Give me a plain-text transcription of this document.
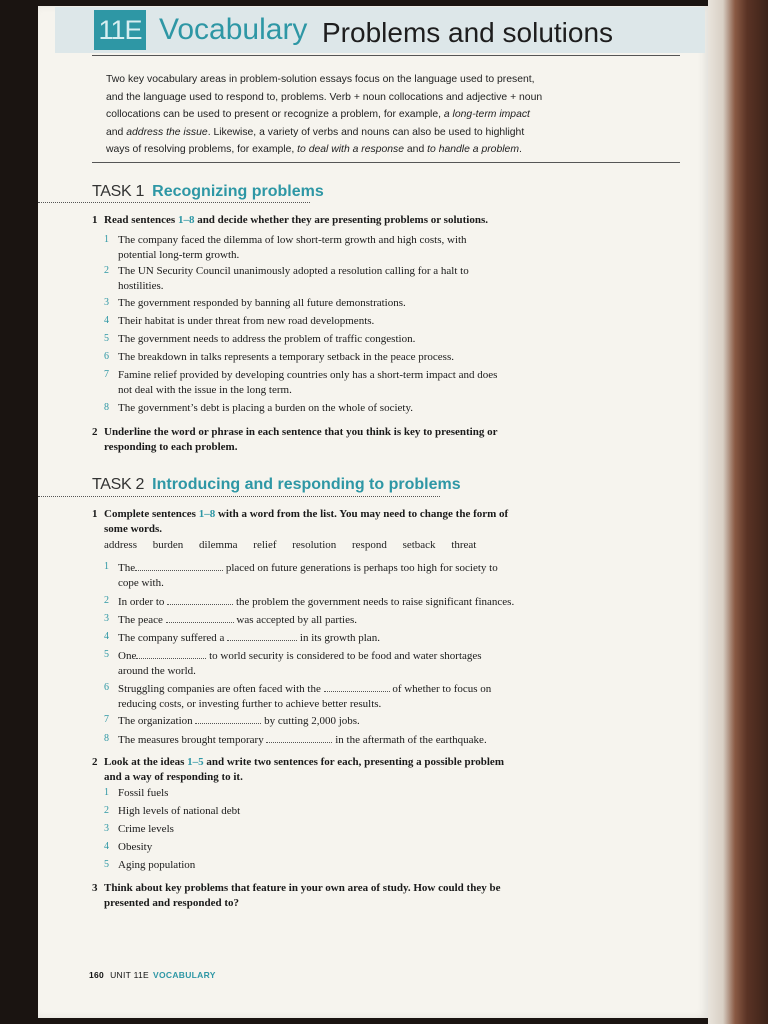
11E Vocabulary Problems and solutions
Two key vocabulary areas in problem-solution essays focus on the language used to present,
and the language used to respond to, problems. Verb + noun collocations and adjective + noun
collocations can be used to present or recognize a problem, for example, a long-term impact
and address the issue. Likewise, a variety of verbs and nouns can also be used to highlight
ways of resolving problems, for example, to deal with a response and to handle a problem.
TASK 1 Recognizing problems
1 Read sentences 1–8 and decide whether they are presenting problems or solutions.
1 The company faced the dilemma of low short-term growth and high costs, with
potential long-term growth.
2 The UN Security Council unanimously adopted a resolution calling for a halt to
hostilities.
3 The government responded by banning all future demonstrations.
4 Their habitat is under threat from new road developments.
5 The government needs to address the problem of traffic congestion.
6 The breakdown in talks represents a temporary setback in the peace process.
7 Famine relief provided by developing countries only has a short-term impact and does
not deal with the issue in the long term.
8 The government’s debt is placing a burden on the whole of society.
2 Underline the word or phrase in each sentence that you think is key to presenting or
responding to each problem.
TASK 2 Introducing and responding to problems
1 Complete sentences 1–8 with a word from the list. You may need to change the form of
some words.
address burden dilemma relief resolution respond setback threat
1 The	placed on future generations is perhaps too high for society to
cope with.
2 In order to	the problem the government needs to raise significant finances.
3 The peace	was accepted by all parties.
4 The company suffered a	in its growth plan.
5 One	to world security is considered to be food and water shortages
around the world.
6 Struggling companies are often faced with the	of whether to focus on
reducing costs, or investing further to achieve better results.
7 The organization	by cutting 2,000 jobs.
8 The measures brought temporary	in the aftermath of the earthquake.
2 Look at the ideas 1–5 and write two sentences for each, presenting a possible problem
and a way of responding to it.
1 Fossil fuels
2 High levels of national debt
3 Crime levels
4 Obesity
5 Aging population
3 Think about key problems that feature in your own area of study. How could they be
presented and responded to?
160 UNIT 11E VOCABULARY
